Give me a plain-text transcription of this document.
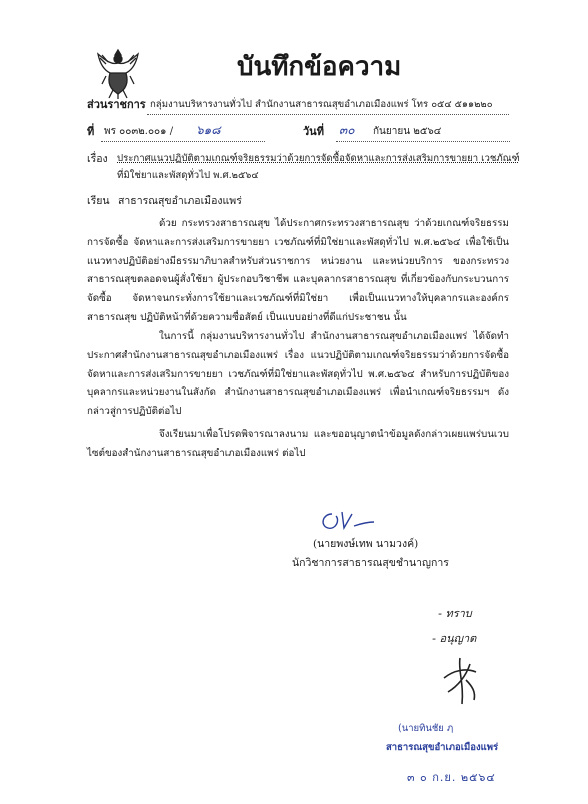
บันทึกข้อความ
ส่วนราชการ กลุ่มงานบริหารงานทั่วไป สำนักงานสาธารณสุขอำเภอเมืองแพร่ โทร ๐๕๔ ๕๑๑๒๒๐
ที่ พร ๐๐๓๒.๐๐๑ / ๖๑๘	วันที่ ๓๐ กันยายน ๒๕๖๔
เรื่อง ประกาศแนวปฏิบัติตามเกณฑ์จริยธรรมว่าด้วยการจัดซื้อจัดหาและการส่งเสริมการขายยา เวชภัณฑ์
ที่มิใช่ยาและพัสดุทั่วไป พ.ศ.๒๕๖๔
เรียน สาธารณสุขอำเภอเมืองแพร่
ด้วย กระทรวงสาธารณสุข ได้ประกาศกระทรวงสาธารณสุข ว่าด้วยเกณฑ์จริยธรรมการจัดซื้อ จัดหาและการส่งเสริมการขายยา เวชภัณฑ์ที่มิใช่ยาและพัสดุทั่วไป พ.ศ.๒๕๖๔ เพื่อใช้เป็นแนวทางปฏิบัติอย่างมีธรรมาภิบาลสำหรับส่วนราชการ หน่วยงาน และหน่วยบริการ ของกระทรวงสาธารณสุขตลอดจนผู้สั่งใช้ยา ผู้ประกอบวิชาชีพ และบุคลากรสาธารณสุข ที่เกี่ยวข้องกับกระบวนการจัดซื้อ จัดหาจนกระทั่งการใช้ยาและเวชภัณฑ์ที่มิใช่ยา เพื่อเป็นแนวทางให้บุคลากรและองค์กรสาธารณสุข ปฏิบัติหน้าที่ด้วยความซื่อสัตย์ เป็นแบบอย่างที่ดีแก่ประชาชน นั้น
ในการนี้ กลุ่มงานบริหารงานทั่วไป สำนักงานสาธารณสุขอำเภอเมืองแพร่ ได้จัดทำประกาศสำนักงานสาธารณสุขอำเภอเมืองแพร่ เรื่อง แนวปฏิบัติตามเกณฑ์จริยธรรมว่าด้วยการจัดซื้อจัดหาและการส่งเสริมการขายยา เวชภัณฑ์ที่มิใช่ยาและพัสดุทั่วไป พ.ศ.๒๕๖๔ สำหรับการปฏิบัติของบุคลากรและหน่วยงานในสังกัด สำนักงานสาธารณสุขอำเภอเมืองแพร่ เพื่อนำเกณฑ์จริยธรรมฯ ดังกล่าวสู่การปฏิบัติต่อไป
จึงเรียนมาเพื่อโปรดพิจารณาลงนาม และขออนุญาตนำข้อมูลดังกล่าวเผยแพร่บนเวบไซต์ของสำนักงานสาธารณสุขอำเภอเมืองแพร่ ต่อไป
(นายพงษ์เทพ นามวงค์)
นักวิชาการสาธารณสุขชำนาญการ
- ทราบ
- อนุญาต
(นายทินชัย ฦ
สาธารณสุขอำเภอเมืองแพร่
๓ ๐ ก.ย. ๒๕๖๔
